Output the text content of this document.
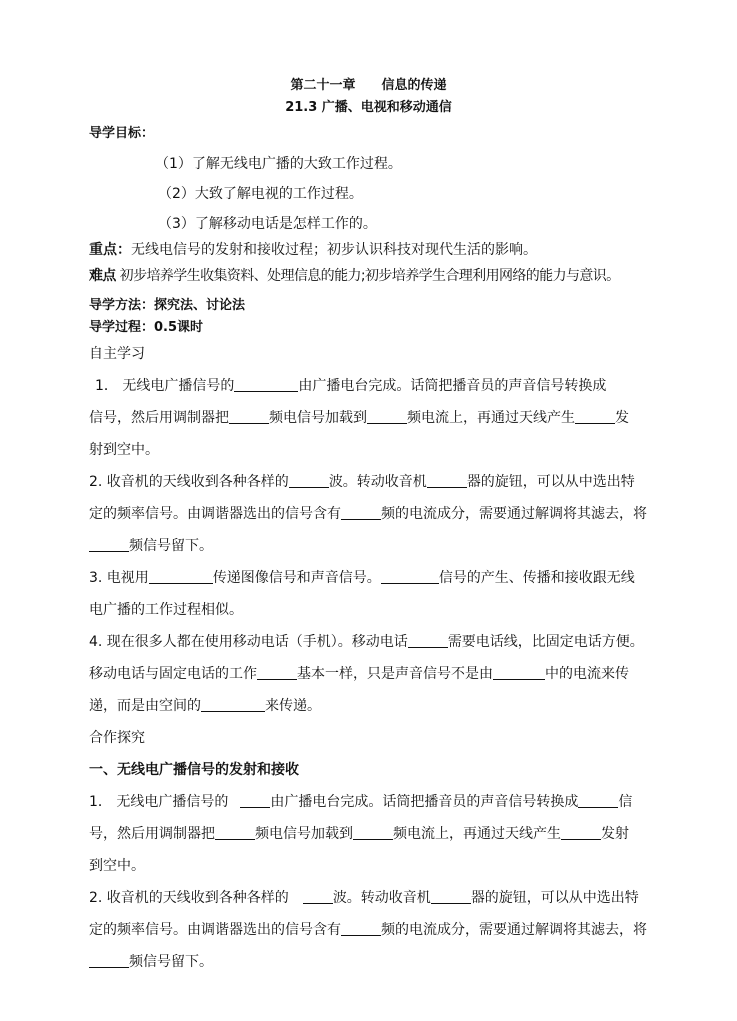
第二十一章 信息的传递
21.3 广播、电视和移动通信
导学目标：
（1）了解无线电广播的大致工作过程。
（2）大致了解电视的工作过程。
（3）了解移动电话是怎样工作的。
重点：无线电信号的发射和接收过程；初步认识科技对现代生活的影响。
难点 初步培养学生收集资料、处理信息的能力;初步培养学生合理利用网络的能力与意识。
导学方法：探究法、讨论法
导学过程：0.5课时
自主学习
1． 无线电广播信号的	由广播电台完成。话筒把播音员的声音信号转换成
信号，然后用调制器把	频电信号加载到	频电流上，再通过天线产生	发
射到空中。
2. 收音机的天线收到各种各样的	波。转动收音机	器的旋钮，可以从中选出特
定的频率信号。由调谐器选出的信号含有	频的电流成分，需要通过解调将其滤去，将
频信号留下。
3. 电视用	传递图像信号和声音信号。	信号的产生、传播和接收跟无线
电广播的工作过程相似。
4. 现在很多人都在使用移动电话（手机）。移动电话	需要电话线，比固定电话方便。
移动电话与固定电话的工作	基本一样，只是声音信号不是由	中的电流来传
递，而是由空间的	来传递。
合作探究
一、无线电广播信号的发射和接收
1． 无线电广播信号的	由广播电台完成。话筒把播音员的声音信号转换成	信
号，然后用调制器把	频电信号加载到	频电流上，再通过天线产生	发射
到空中。
2. 收音机的天线收到各种各样的	波。转动收音机	器的旋钮，可以从中选出特
定的频率信号。由调谐器选出的信号含有	频的电流成分，需要通过解调将其滤去，将
频信号留下。
